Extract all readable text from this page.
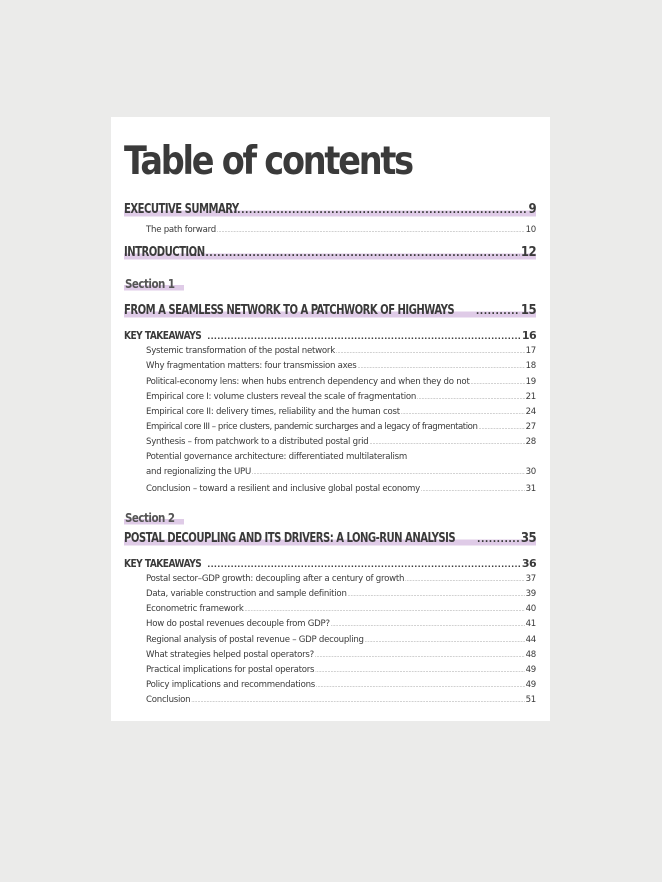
Table of contents
EXECUTIVE SUMMARY .....	9
The path forward .....	10
INTRODUCTION .....	12
Section 1
FROM A SEAMLESS NETWORK TO A PATCHWORK OF HIGHWAYS .....	15
KEY TAKEAWAYS .....	16
Systemic transformation of the postal network .....	17
Why fragmentation matters: four transmission axes .....	18
Political-economy lens: when hubs entrench dependency and when they do not .....	19
Empirical core I: volume clusters reveal the scale of fragmentation .....	21
Empirical core II: delivery times, reliability and the human cost .....	24
Empirical core III – price clusters, pandemic surcharges and a legacy of fragmentation .....	27
Synthesis – from patchwork to a distributed postal grid .....	28
Potential governance architecture: differentiated multilateralism
and regionalizing the UPU .....	30
Conclusion – toward a resilient and inclusive global postal economy .....	31
Section 2
POSTAL DECOUPLING AND ITS DRIVERS: A LONG-RUN ANALYSIS .....	35
KEY TAKEAWAYS .....	36
Postal sector–GDP growth: decoupling after a century of growth .....	37
Data, variable construction and sample definition .....	39
Econometric framework .....	40
How do postal revenues decouple from GDP? .....	41
Regional analysis of postal revenue – GDP decoupling .....	44
What strategies helped postal operators? .....	48
Practical implications for postal operators .....	49
Policy implications and recommendations .....	49
Conclusion .....	51
